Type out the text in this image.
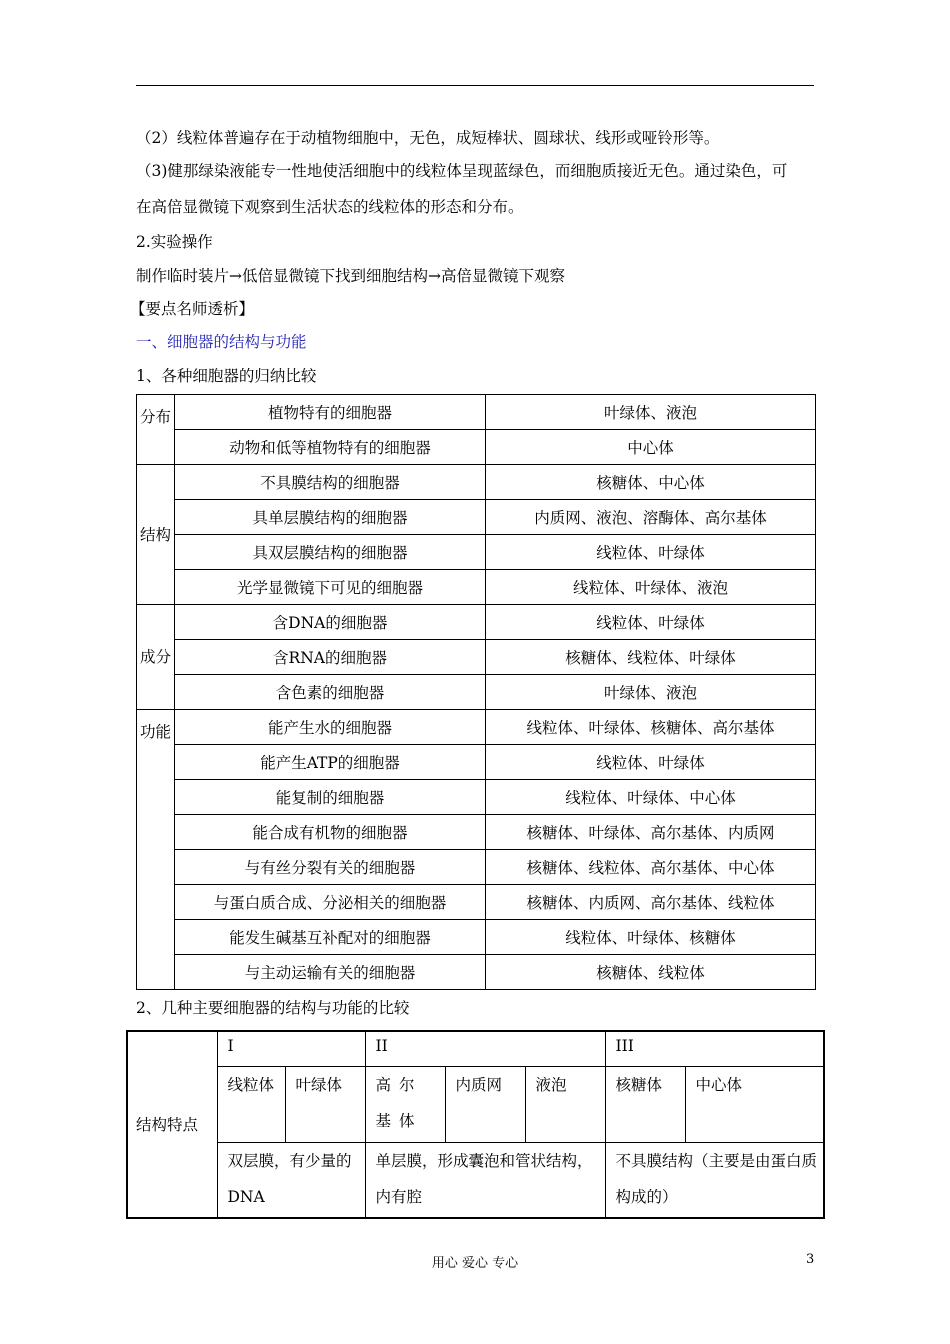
（2）线粒体普遍存在于动植物细胞中，无色，成短棒状、圆球状、线形或哑铃形等。
（3)健那绿染液能专一性地使活细胞中的线粒体呈现蓝绿色，而细胞质接近无色。通过染色，可
在高倍显微镜下观察到生活状态的线粒体的形态和分布。
2.实验操作
制作临时装片→低倍显微镜下找到细胞结构→高倍显微镜下观察
【要点名师透析】
一、细胞器的结构与功能
1、各种细胞器的归纳比较
分布	植物特有的细胞器	叶绿体、液泡
	动物和低等植物特有的细胞器	中心体
结构	不具膜结构的细胞器	核糖体、中心体
	具单层膜结构的细胞器	内质网、液泡、溶酶体、高尔基体
	具双层膜结构的细胞器	线粒体、叶绿体
	光学显微镜下可见的细胞器	线粒体、叶绿体、液泡
成分	含DNA的细胞器	线粒体、叶绿体
	含RNA的细胞器	核糖体、线粒体、叶绿体
	含色素的细胞器	叶绿体、液泡
功能	能产生水的细胞器	线粒体、叶绿体、核糖体、高尔基体
	能产生ATP的细胞器	线粒体、叶绿体
	能复制的细胞器	线粒体、叶绿体、中心体
	能合成有机物的细胞器	核糖体、叶绿体、高尔基体、内质网
	与有丝分裂有关的细胞器	核糖体、线粒体、高尔基体、中心体
	与蛋白质合成、分泌相关的细胞器	核糖体、内质网、高尔基体、线粒体
	能发生碱基互补配对的细胞器	线粒体、叶绿体、核糖体
	与主动运输有关的细胞器	核糖体、线粒体
2、几种主要细胞器的结构与功能的比较
结构特点	I		II			III	
	线粒体	叶绿体	高尔基体	内质网	液泡	核糖体	中心体
	双层膜，有少量的DNA		单层膜，形成囊泡和管状结构，内有腔			不具膜结构（主要是由蛋白质构成的）	
用心 爱心 专心	3
